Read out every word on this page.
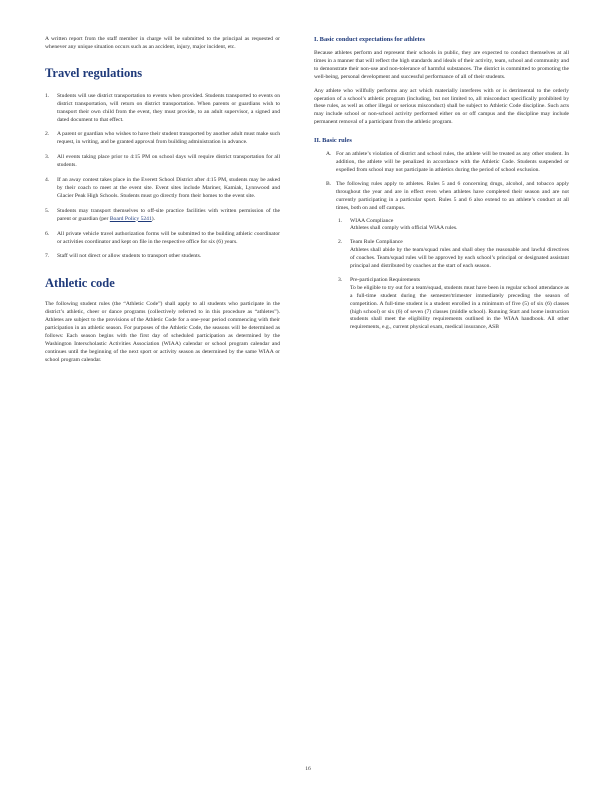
A written report from the staff member in charge will be submitted to the principal as requested or whenever any unique situation occurs such as an accident, injury, major incident, etc.

Travel regulations
1. Students will use district transportation to events when provided. Students transported to events on district transportation, will return on district transportation. When parents or guardians wish to transport their own child from the event, they must provide, to an adult supervisor, a signed and dated document to that effect.
2. A parent or guardian who wishes to have their student transported by another adult must make such request, in writing, and be granted approval from building administration in advance.
3. All events taking place prior to 4:15 PM on school days will require district transportation for all students.
4. If an away contest takes place in the Everett School District after 4:15 PM, students may be asked by their coach to meet at the event site. Event sites include Mariner, Kamiak, Lynnwood and Glacier Peak High Schools. Students must go directly from their homes to the event site.
5. Students may transport themselves to off-site practice facilities with written permission of the parent or guardian (per Board Policy 5241).
6. All private vehicle travel authorization forms will be submitted to the building athletic coordinator or activities coordinator and kept on file in the respective office for six (6) years.
7. Staff will not direct or allow students to transport other students.
Athletic code

The following student rules (the “Athletic Code”) shall apply to all students who participate in the district’s athletic, cheer or dance programs (collectively referred to in this procedure as “athletes”). Athletes are subject to the provisions of the Athletic Code for a one-year period commencing with their participation in an athletic season. For purposes of the Athletic Code, the seasons will be determined as follows: Each season begins with the first day of scheduled participation as determined by the Washington Interscholastic Activities Association (WIAA) calendar or school program calendar and continues until the beginning of the next sport or activity season as determined by the same WIAA or school program calendar.

I. Basic conduct expectations for athletes

Because athletes perform and represent their schools in public, they are expected to conduct themselves at all times in a manner that will reflect the high standards and ideals of their activity, team, school and community and to demonstrate their non-use and non-tolerance of harmful substances. The district is committed to promoting the well-being, personal development and successful performance of all of their students.

Any athlete who willfully performs any act which materially interferes with or is detrimental to the orderly operation of a school’s athletic program (including, but not limited to, all misconduct specifically prohibited by these rules, as well as other illegal or serious misconduct) shall be subject to Athletic Code discipline. Such acts may include school or non-school activity performed either on or off campus and the discipline may include permanent removal of a participant from the athletic program.

II. Basic rules
A. For an athlete’s violation of district and school rules, the athlete will be treated as any other student. In addition, the athlete will be penalized in accordance with the Athletic Code. Students suspended or expelled from school may not participate in athletics during the period of school exclusion.
B. The following rules apply to athletes. Rules 5 and 6 concerning drugs, alcohol, and tobacco apply throughout the year and are in effect even when athletes have completed their season and are not currently participating in a particular sport. Rules 5 and 6 also extend to an athlete’s conduct at all times, both on and off campus.
1. WIAA Compliance
Athletes shall comply with official WIAA rules.
2. Team Rule Compliance
Athletes shall abide by the team/squad rules and shall obey the reasonable and lawful directives of coaches. Team/squad rules will be approved by each school’s principal or designated assistant principal and distributed by coaches at the start of each season.
3. Pre-participation Requirements
To be eligible to try out for a team/squad, students must have been in regular school attendance as a full-time student during the semester/trimester immediately preceding the season of competition. A full-time student is a student enrolled in a minimum of five (5) of six (6) classes (high school) or six (6) of seven (7) classes (middle school). Running Start and home instruction students shall meet the eligibility requirements outlined in the WIAA handbook. All other requirements, e.g., current physical exam, medical insurance, ASB
16
